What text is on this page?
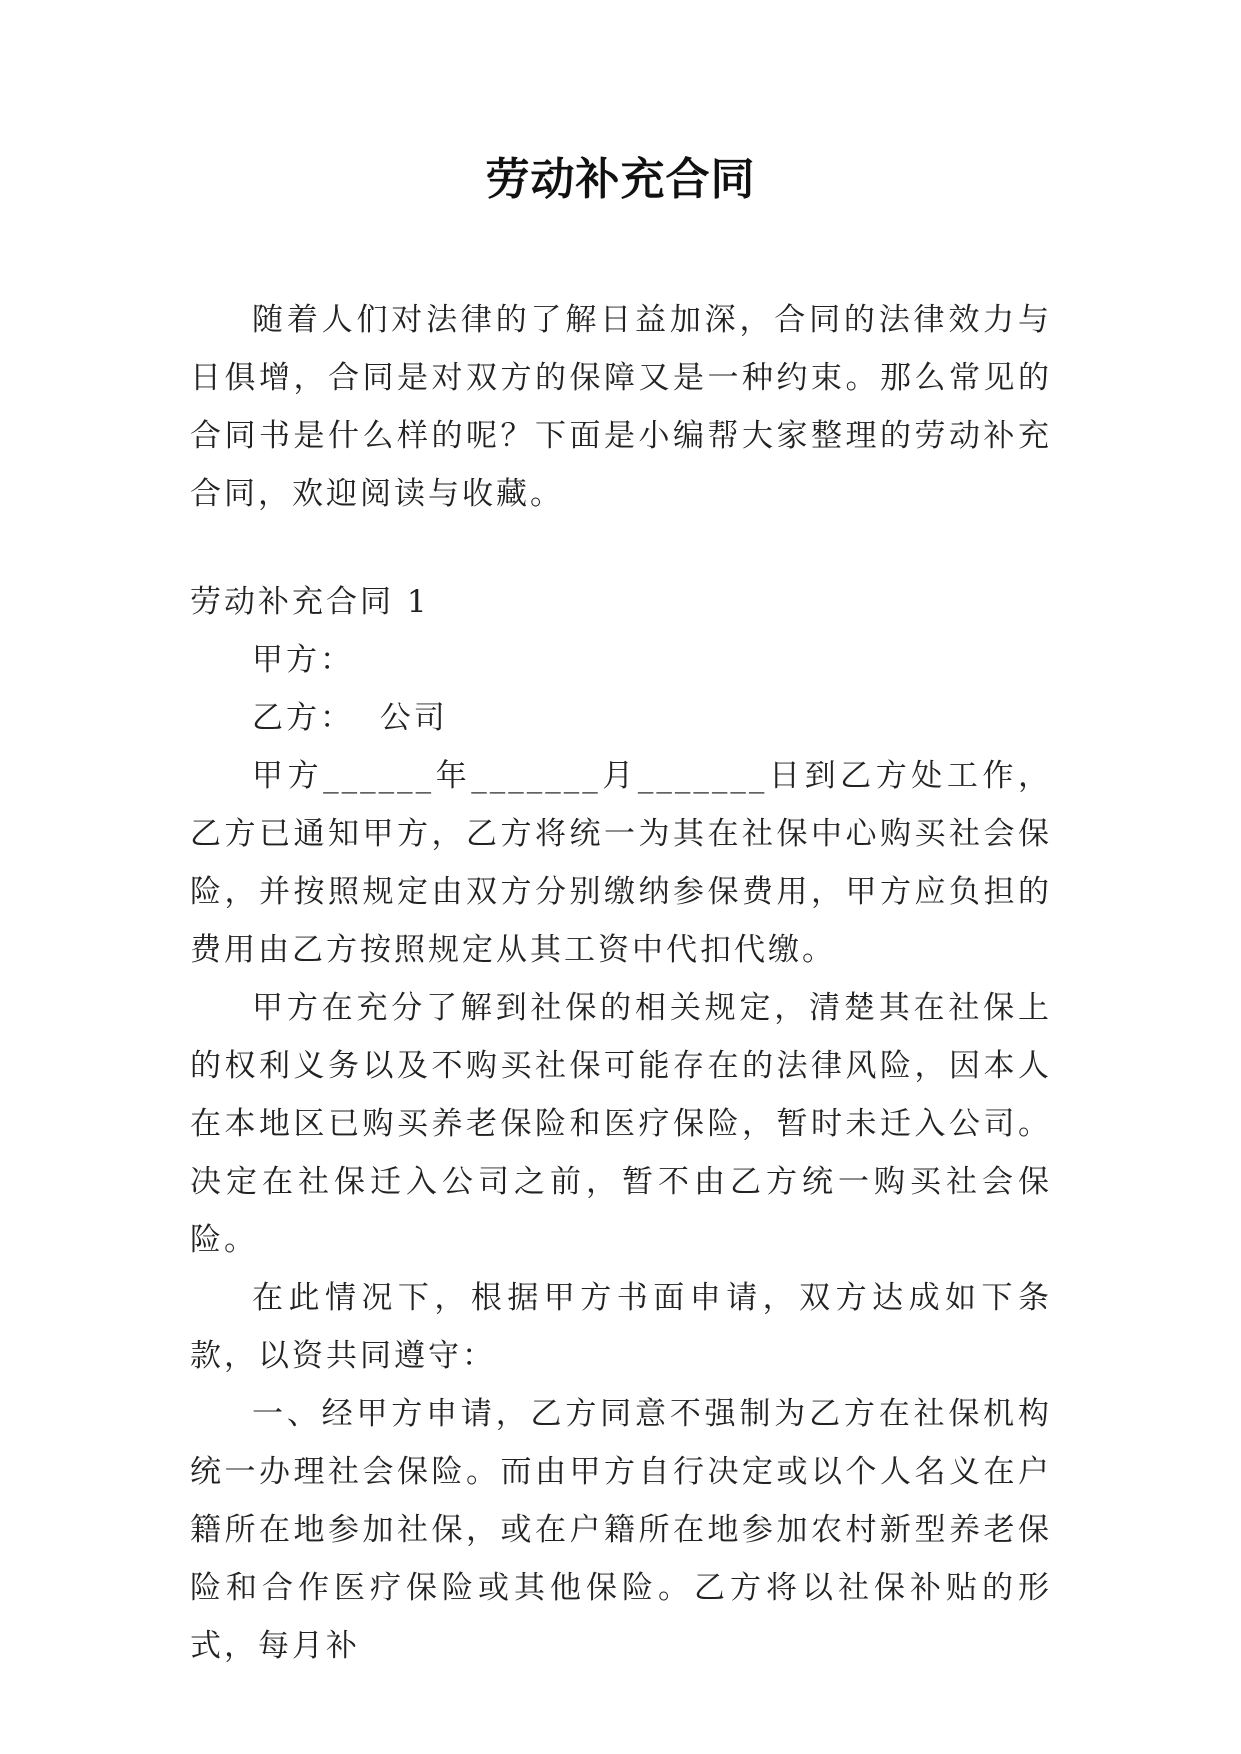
劳动补充合同

随着人们对法律的了解日益加深，合同的法律效力与日俱增，合同是对双方的保障又是一种约束。那么常见的合同书是什么样的呢？下面是小编帮大家整理的劳动补充合同，欢迎阅读与收藏。

劳动补充合同 1

甲方：

乙方：  公司

甲方______年_______月_______日到乙方处工作，乙方已通知甲方，乙方将统一为其在社保中心购买社会保险，并按照规定由双方分别缴纳参保费用，甲方应负担的费用由乙方按照规定从其工资中代扣代缴。

甲方在充分了解到社保的相关规定，清楚其在社保上的权利义务以及不购买社保可能存在的法律风险，因本人在本地区已购买养老保险和医疗保险，暂时未迁入公司。决定在社保迁入公司之前，暂不由乙方统一购买社会保险。

在此情况下，根据甲方书面申请，双方达成如下条款，以资共同遵守：

一、经甲方申请，乙方同意不强制为乙方在社保机构统一办理社会保险。而由甲方自行决定或以个人名义在户籍所在地参加社保，或在户籍所在地参加农村新型养老保险和合作医疗保险或其他保险。乙方将以社保补贴的形式，每月补
